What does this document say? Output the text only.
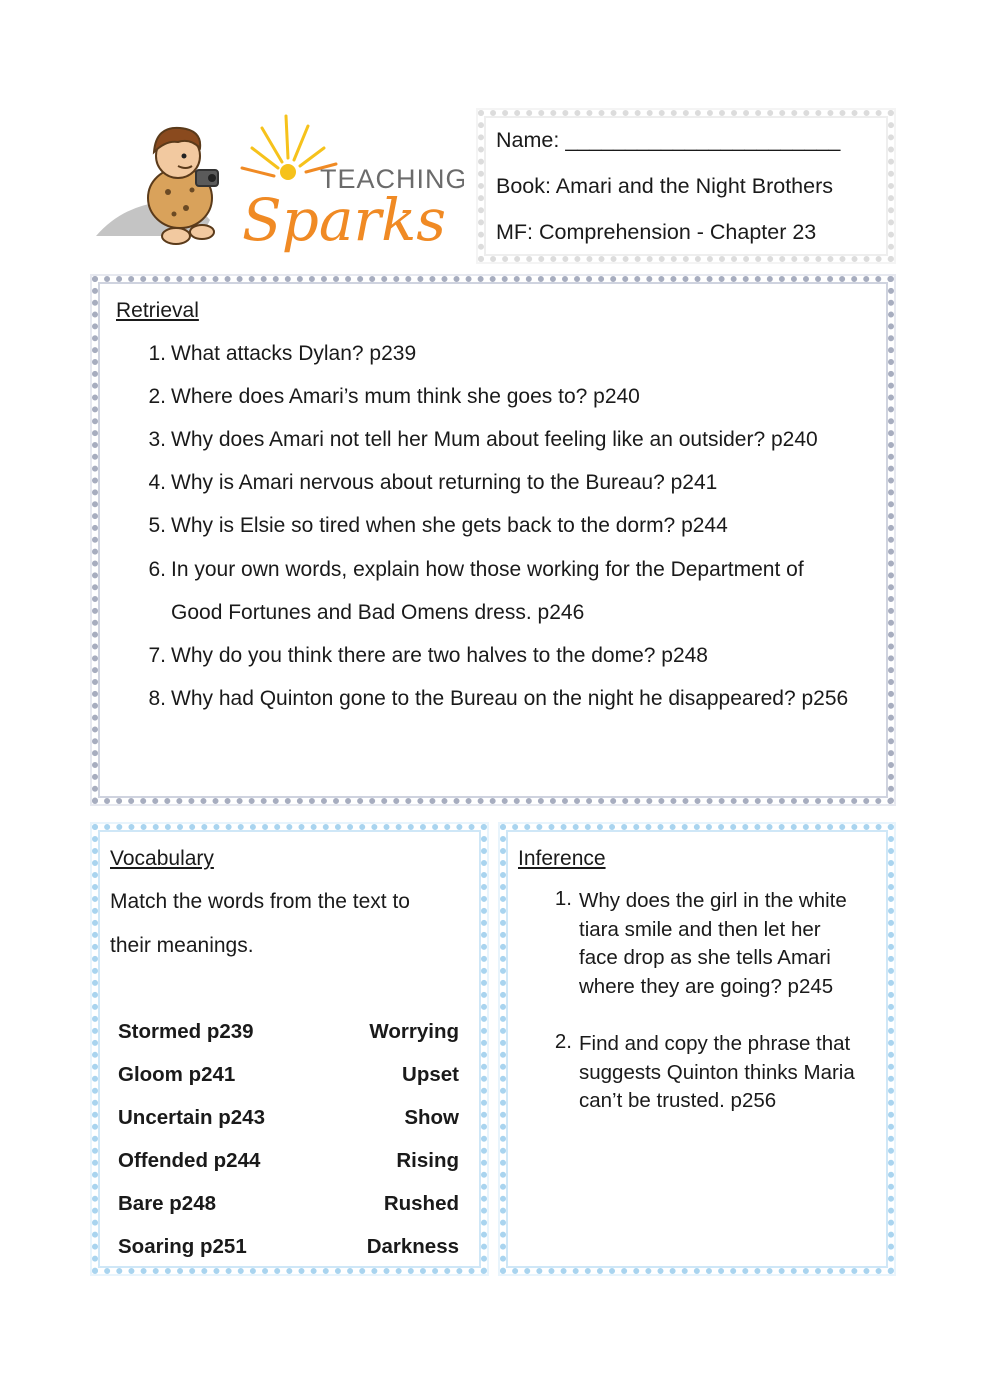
TEACHING
Sparks
Name: _______________________
Book: Amari and the Night Brothers
MF: Comprehension - Chapter 23
Retrieval
1. What attacks Dylan? p239
2. Where does Amari’s mum think she goes to? p240
3. Why does Amari not tell her Mum about feeling like an outsider? p240
4. Why is Amari nervous about returning to the Bureau? p241
5. Why is Elsie so tired when she gets back to the dorm? p244
6. In your own words, explain how those working for the Department of
Good Fortunes and Bad Omens dress. p246
7. Why do you think there are two halves to the dome? p248
8. Why had Quinton gone to the Bureau on the night he disappeared? p256
Vocabulary
Match the words from the text to
their meanings.
Stormed p239	Worrying
Gloom p241	Upset
Uncertain p243	Show
Offended p244	Rising
Bare p248	Rushed
Soaring p251	Darkness
Inference
1. Why does the girl in the white
tiara smile and then let her
face drop as she tells Amari
where they are going? p245
2. Find and copy the phrase that
suggests Quinton thinks Maria
can’t be trusted. p256
